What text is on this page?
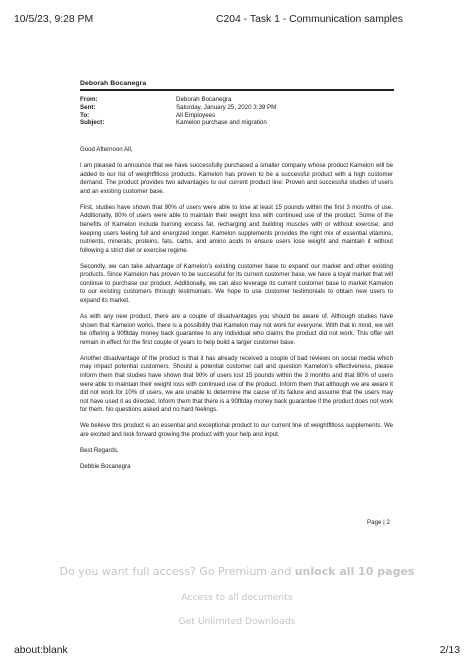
10/5/23, 9:28 PM	C204 - Task 1 - Communication samples
Deborah Bocanegra
From:	Deborah Bocanegra
Sent:	Saturday, January 25, 2020 3:39 PM
To:	All Employees
Subject:	Kamelon purchase and migration

Good Afternoon All,

I am pleased to announce that we have successfully purchased a smaller company whose product Kamelon will be added to our list of weightﬂtloss products. Kamelon has proven to be a successful product with a high customer demand. The product provides two advantages to our current product line: Proven and successful studies of users and an existing customer base.

First, studies have shown that 90% of users were able to lose at least 15 pounds within the first 3 months of use. Additionally, 80% of users were able to maintain their weight loss with continued use of the product. Some of the benefits of Kamelon include burning excess fat, recharging and building muscles with or without exercise, and keeping users feeling full and energized longer. Kamelon supplements provides the right mix of essential vitamins, nutrients, minerals, proteins, fats, carbs, and amino acids to ensure users lose weight and maintain it without following a strict diet or exercise regime.

Secondly, we can take advantage of Kamelon’s existing customer base to expand our market and other existing products. Since Kamelon has proven to be successful for its current customer base, we have a loyal market that will continue to purchase our product. Additionally, we can also leverage its current customer base to market Kamelon to our existing customers through testimonials. We hope to use customer testimonials to obtain new users to expand its market.

As with any new product, there are a couple of disadvantages you should be aware of. Although studies have shown that Kamelon works, there is a possibility that Kamelon may not work for everyone. With that in mind, we will be offering a 90ﬂtday money back guarantee to any individual who claims the product did not work. This offer will remain in effect for the first couple of years to help build a larger customer base.

Another disadvantage of the product is that it has already received a couple of bad reviews on social media which may impact potential customers. Should a potential customer call and question Kamelon’s effectiveness, please inform them that studies have shown that 90% of users lost 15 pounds within the 3 months and that 80% of users were able to maintain their weight loss with continued use of the product. Inform them that although we are aware it did not work for 10% of users, we are unable to determine the cause of its failure and assume that the users may not have used it as directed. Inform them that there is a 90ﬂtday money back guarantee if the product does not work for them. No questions asked and no hard feelings.

We believe this product is an essential and exceptional product to our current line of weightﬂtloss supplements. We are excited and look forward growing the product with your help and input.

Best Regards,

Debbie Bocanegra

Page | 2
Do you want full access? Go Premium and unlock all 10 pages
Access to all documents
Get Unlimited Downloads
about:blank	2/13
